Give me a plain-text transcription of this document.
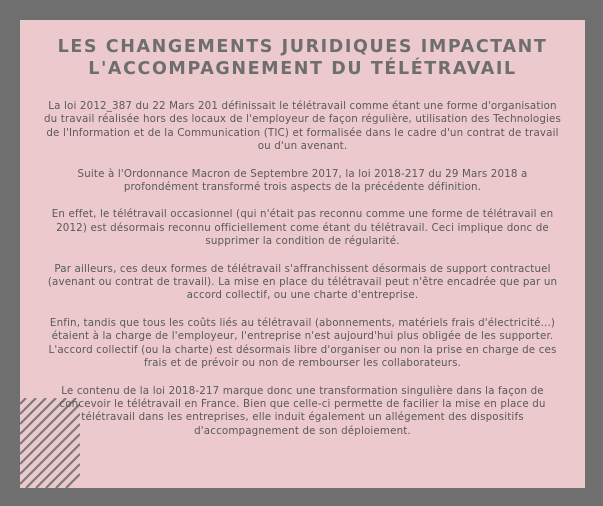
LES CHANGEMENTS JURIDIQUES IMPACTANT
L'ACCOMPAGNEMENT DU TÉLÉTRAVAIL

La loi 2012_387 du 22 Mars 201 définissait le télétravail comme étant une forme d'organisation du travail réalisée hors des locaux de l'employeur de façon régulière, utilisation des Technologies de l'Information et de la Communication (TIC) et formalisée dans le cadre d'un contrat de travail ou d'un avenant.

Suite à l'Ordonnance Macron de Septembre 2017, la loi 2018-217 du 29 Mars 2018 a profondément transformé trois aspects de la précédente définition.

En effet, le télétravail occasionnel (qui n'était pas reconnu comme une forme de télétravail en 2012) est désormais reconnu officiellement come étant du télétravail. Ceci implique donc de supprimer la condition de régularité.

Par ailleurs, ces deux formes de télétravail s'affranchissent désormais de support contractuel (avenant ou contrat de travail). La mise en place du télétravail peut n'être encadrée que par un accord collectif, ou une charte d'entreprise.

Enfin, tandis que tous les coûts liés au télétravail (abonnements, matériels frais d'électricité...) étaient à la charge de l'employeur, l'entreprise n'est aujourd'hui plus obligée de les supporter. L'accord collectif (ou la charte) est désormais libre d'organiser ou non la prise en charge de ces frais et de prévoir ou non de rembourser les collaborateurs.

Le contenu de la loi 2018-217 marque donc une transformation singulière dans la façon de concevoir le télétravail en France. Bien que celle-ci permette de facilier la mise en place du télétravail dans les entreprises, elle induit également un allégement des dispositifs d'accompagnement de son déploiement.
